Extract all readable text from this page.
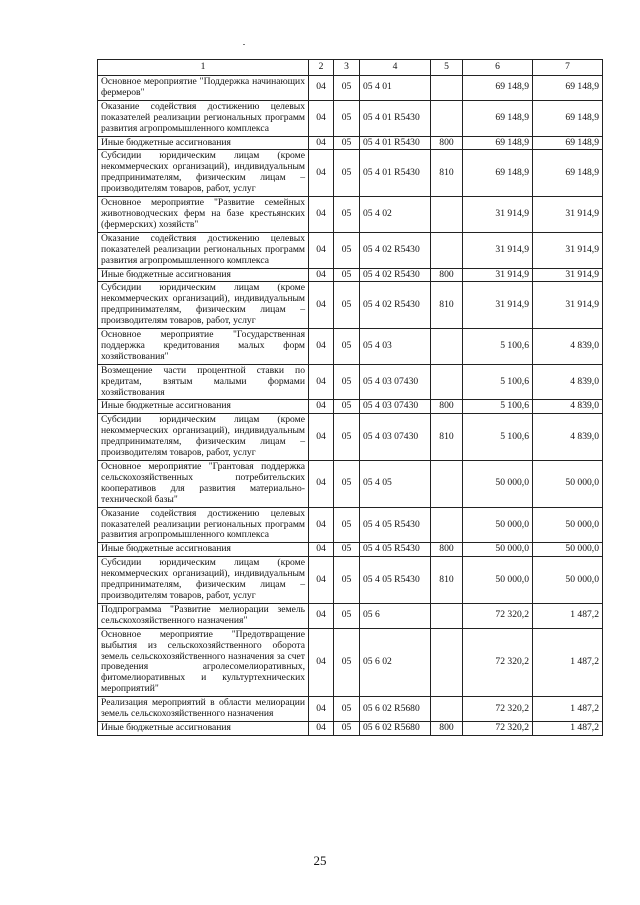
1	2	3	4	5	6	7
Основное мероприятие "Поддержка начинающих фермеров"	04	05	05 4 01		69 148,9	69 148,9
Оказание содействия достижению целевых показателей реализации региональных программ развития агропромышленного комплекса	04	05	05 4 01 R5430		69 148,9	69 148,9
Иные бюджетные ассигнования	04	05	05 4 01 R5430	800	69 148,9	69 148,9
Субсидии юридическим лицам (кроме некоммерческих организаций), индивидуальным предпринимателям, физическим лицам – производителям товаров, работ, услуг	04	05	05 4 01 R5430	810	69 148,9	69 148,9
Основное мероприятие "Развитие семейных животноводческих ферм на базе крестьянских (фермерских) хозяйств"	04	05	05 4 02		31 914,9	31 914,9
Оказание содействия достижению целевых показателей реализации региональных программ развития агропромышленного комплекса	04	05	05 4 02 R5430		31 914,9	31 914,9
Иные бюджетные ассигнования	04	05	05 4 02 R5430	800	31 914,9	31 914,9
Субсидии юридическим лицам (кроме некоммерческих организаций), индивидуальным предпринимателям, физическим лицам – производителям товаров, работ, услуг	04	05	05 4 02 R5430	810	31 914,9	31 914,9
Основное мероприятие "Государственная поддержка кредитования малых форм хозяйствования"	04	05	05 4 03		5 100,6	4 839,0
Возмещение части процентной ставки по кредитам, взятым малыми формами хозяйствования	04	05	05 4 03 07430		5 100,6	4 839,0
Иные бюджетные ассигнования	04	05	05 4 03 07430	800	5 100,6	4 839,0
Субсидии юридическим лицам (кроме некоммерческих организаций), индивидуальным предпринимателям, физическим лицам – производителям товаров, работ, услуг	04	05	05 4 03 07430	810	5 100,6	4 839,0
Основное мероприятие "Грантовая поддержка сельскохозяйственных потребительских кооперативов для развития материально-технической базы"	04	05	05 4 05		50 000,0	50 000,0
Оказание содействия достижению целевых показателей реализации региональных программ развития агропромышленного комплекса	04	05	05 4 05 R5430		50 000,0	50 000,0
Иные бюджетные ассигнования	04	05	05 4 05 R5430	800	50 000,0	50 000,0
Субсидии юридическим лицам (кроме некоммерческих организаций), индивидуальным предпринимателям, физическим лицам – производителям товаров, работ, услуг	04	05	05 4 05 R5430	810	50 000,0	50 000,0
Подпрограмма "Развитие мелиорации земель сельскохозяйственного назначения"	04	05	05 6		72 320,2	1 487,2
Основное мероприятие "Предотвращение выбытия из сельскохозяйственного оборота земель сельскохозяйственного назначения за счет проведения агролесомелиоративных, фитомелиоративных и культуртехнических мероприятий"	04	05	05 6 02		72 320,2	1 487,2
Реализация мероприятий в области мелиорации земель сельскохозяйственного назначения	04	05	05 6 02 R5680		72 320,2	1 487,2
Иные бюджетные ассигнования	04	05	05 6 02 R5680	800	72 320,2	1 487,2
25
